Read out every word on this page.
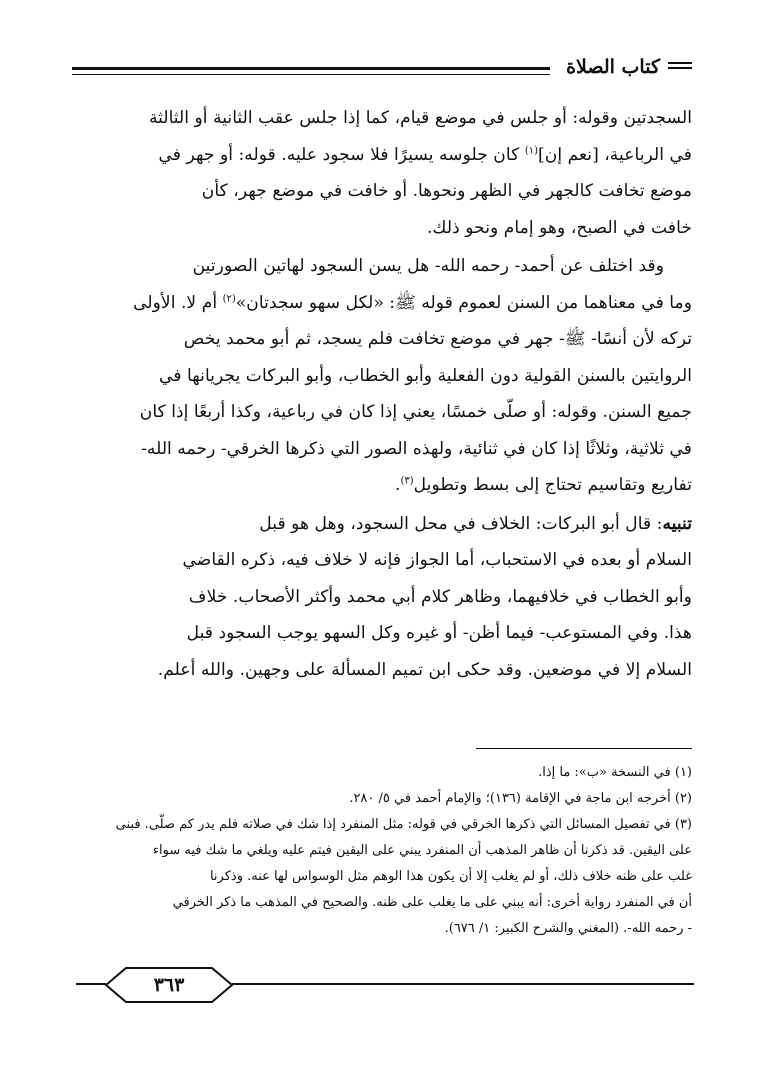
كتاب الصلاة

السجدتين وقوله: أو جلس في موضع قيام، كما إذا جلس عقب الثانية أو الثالثة

في الرباعية، [نعم إن]$^{(١)}$ كان جلوسه يسيرًا فلا سجود عليه. قوله: أو جهر في

موضع تخافت كالجهر في الظهر ونحوها. أو خافت في موضع جهر، كأن

خافت في الصبح، وهو إمام ونحو ذلك.

وقد اختلف عن أحمد- رحمه الله- هل يسن السجود لهاتين الصورتين

وما في معناهما من السنن لعموم قوله ﷺ: «لكل سهو سجدتان»$^{(٢)}$ أم لا. الأولى

تركه لأن أنسًا- ﷺ- جهر في موضع تخافت فلم يسجد، ثم أبو محمد يخص

الروايتين بالسنن القولية دون الفعلية وأبو الخطاب، وأبو البركات يجريانها في

جميع السنن. وقوله: أو صلّى خمسًا، يعني إذا كان في رباعية، وكذا أربعًا إذا كان

في ثلاثية، وثلاثًا إذا كان في ثنائية، ولهذه الصور التي ذكرها الخرقي- رحمه الله-

تفاريع وتقاسيم تحتاج إلى بسط وتطويل$^{(٣)}$.

تنبيه: قال أبو البركات: الخلاف في محل السجود، وهل هو قبل

السلام أو بعده في الاستحباب، أما الجواز فإنه لا خلاف فيه، ذكره القاضي

وأبو الخطاب في خلافيهما، وظاهر كلام أبي محمد وأكثر الأصحاب. خلاف

هذا. وفي المستوعب- فيما أظن- أو غيره وكل السهو يوجب السجود قبل

السلام إلا في موضعين. وقد حكى ابن تميم المسألة على وجهين. والله أعلم.

(١) في النسخة «ب»: ما إذا.

(٢) أخرجه ابن ماجة في الإقامة (١٣٦)؛ والإمام أحمد في ٥/ ٢٨٠.

(٣) في تفصيل المسائل التي ذكرها الخرقي في قوله: مثل المنفرد إذا شك في صلاته فلم يدر كم صلّى. فبنى

على اليقين. قد ذكرنا أن ظاهر المذهب أن المنفرد يبني على اليقين فيتم عليه ويلغي ما شك فيه سواء

غلب على ظنه خلاف ذلك، أو لم يغلب إلا أن يكون هذا الوهم مثل الوسواس لها عنه. وذكرنا

أن في المنفرد رواية أخرى: أنه يبني على ما يغلب على ظنه. والصحيح في المذهب ما ذكر الخرقي

- رحمه الله-. (المغني والشرح الكبير: ١/ ٦٧٦).

٣٦٣
